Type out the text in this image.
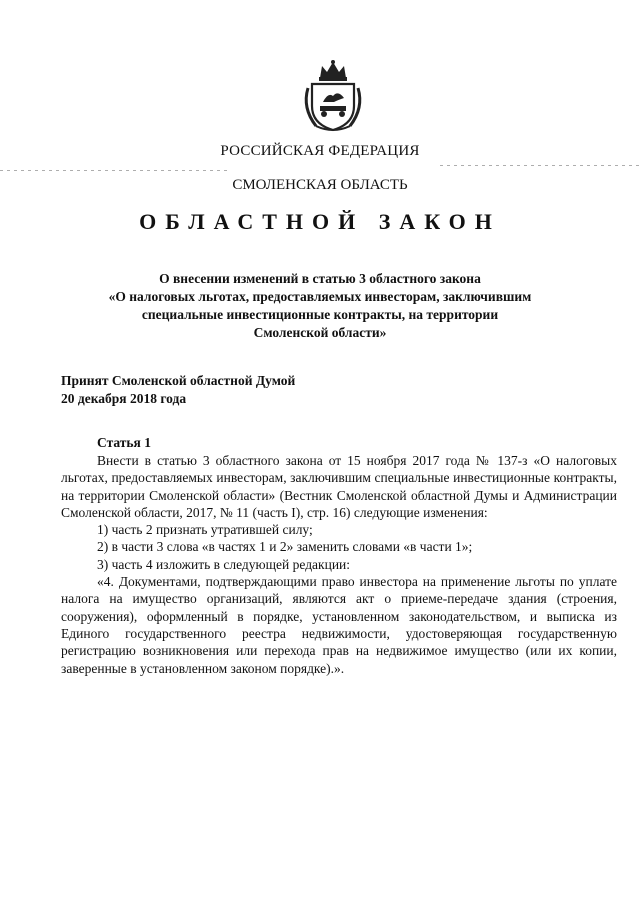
РОССИЙСКАЯ ФЕДЕРАЦИЯ
СМОЛЕНСКАЯ ОБЛАСТЬ
ОБЛАСТНОЙ ЗАКОН
О внесении изменений в статью 3 областного закона
«О налоговых льготах, предоставляемых инвесторам, заключившим
специальные инвестиционные контракты, на территории
Смоленской области»
Принят Смоленской областной Думой
20 декабря 2018 года
Статья 1

Внести в статью 3 областного закона от 15 ноября 2017 года № 137-з «О налоговых льготах, предоставляемых инвесторам, заключившим специальные инвестиционные контракты, на территории Смоленской области» (Вестник Смоленской областной Думы и Администрации Смоленской области, 2017, № 11 (часть I), стр. 16) следующие изменения:

1) часть 2 признать утратившей силу;

2) в части 3 слова «в частях 1 и 2» заменить словами «в части 1»;

3) часть 4 изложить в следующей редакции:

«4. Документами, подтверждающими право инвестора на применение льготы по уплате налога на имущество организаций, являются акт о приеме-передаче здания (строения, сооружения), оформленный в порядке, установленном законодательством, и выписка из Единого государственного реестра недвижимости, удостоверяющая государственную регистрацию возникновения или перехода прав на недвижимое имущество (или их копии, заверенные в установленном законом порядке).».
